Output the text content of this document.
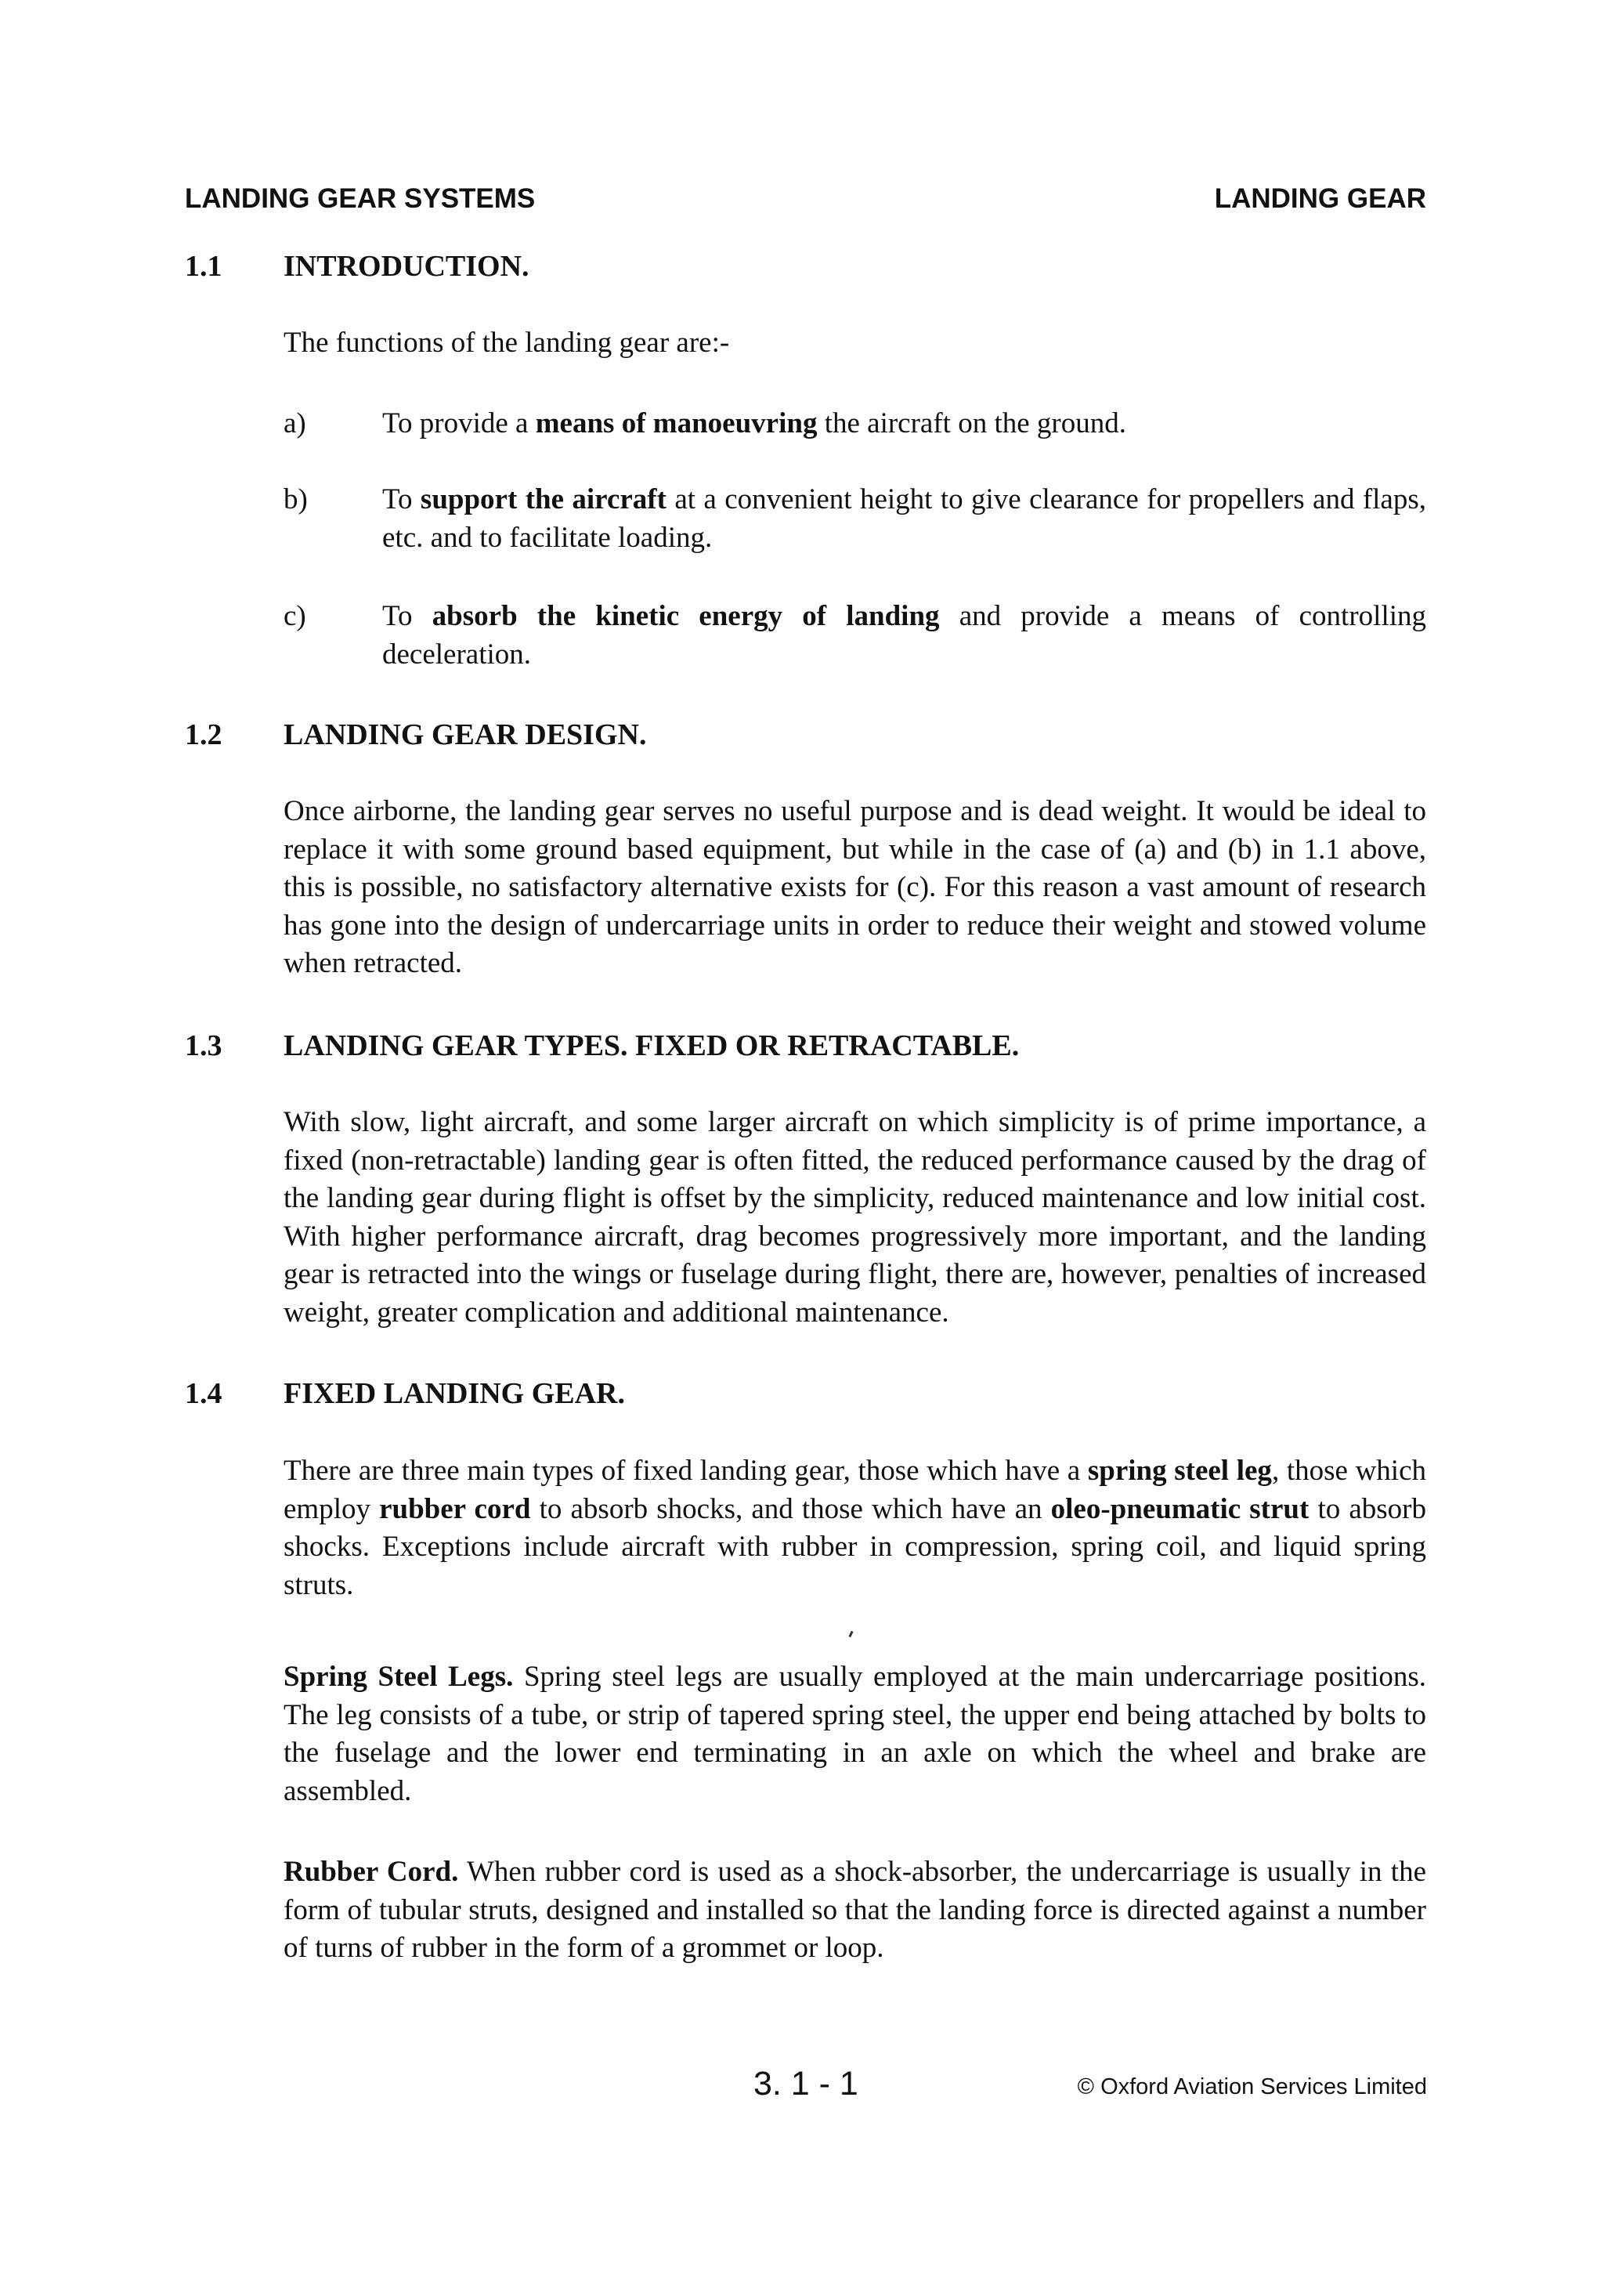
LANDING GEAR SYSTEMS	LANDING GEAR
1.1 INTRODUCTION.
The functions of the landing gear are:-
a)	To provide a means of manoeuvring the aircraft on the ground.
b)	To support the aircraft at a convenient height to give clearance for propellers and flaps, etc. and to facilitate loading.
c)	To absorb the kinetic energy of landing and provide a means of controlling deceleration.
1.2 LANDING GEAR DESIGN.
Once airborne, the landing gear serves no useful purpose and is dead weight. It would be ideal to replace it with some ground based equipment, but while in the case of (a) and (b) in 1.1 above, this is possible, no satisfactory alternative exists for (c). For this reason a vast amount of research has gone into the design of undercarriage units in order to reduce their weight and stowed volume when retracted.
1.3 LANDING GEAR TYPES. FIXED OR RETRACTABLE.
With slow, light aircraft, and some larger aircraft on which simplicity is of prime importance, a fixed (non-retractable) landing gear is often fitted, the reduced performance caused by the drag of the landing gear during flight is offset by the simplicity, reduced maintenance and low initial cost. With higher performance aircraft, drag becomes progressively more important, and the landing gear is retracted into the wings or fuselage during flight, there are, however, penalties of increased weight, greater complication and additional maintenance.
1.4 FIXED LANDING GEAR.
There are three main types of fixed landing gear, those which have a spring steel leg, those which employ rubber cord to absorb shocks, and those which have an oleo-pneumatic strut to absorb shocks. Exceptions include aircraft with rubber in compression, spring coil, and liquid spring struts.
Spring Steel Legs. Spring steel legs are usually employed at the main undercarriage positions. The leg consists of a tube, or strip of tapered spring steel, the upper end being attached by bolts to the fuselage and the lower end terminating in an axle on which the wheel and brake are assembled.
Rubber Cord. When rubber cord is used as a shock-absorber, the undercarriage is usually in the form of tubular struts, designed and installed so that the landing force is directed against a number of turns of rubber in the form of a grommet or loop.
3. 1 - 1	© Oxford Aviation Services Limited
